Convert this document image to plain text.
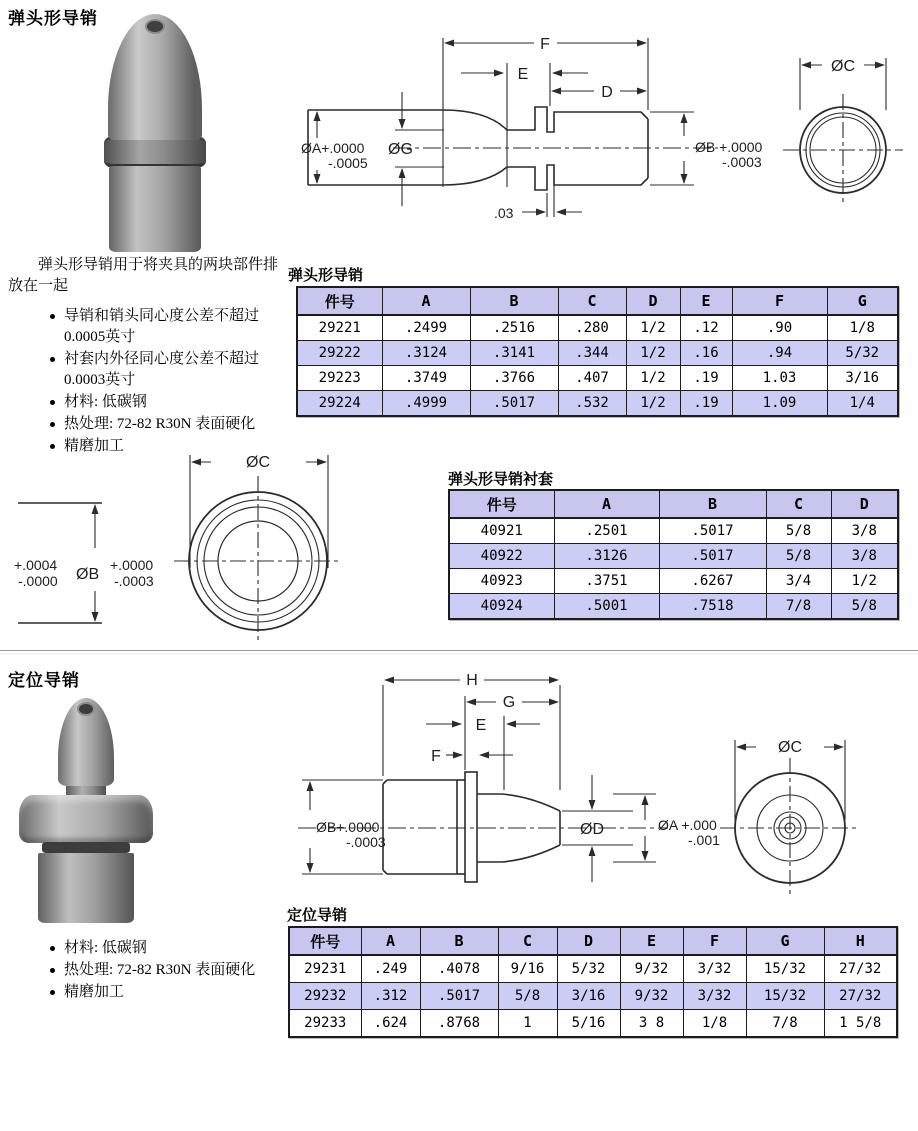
弹头形导销
F
E
D
ØA+.0000
-.0005
ØG	ØB +.0000
-.0003
.03
ØC
弹头形导销用于将夹具的两块部件排放在一起
导销和销头同心度公差不超过 0.0005英寸
衬套内外径同心度公差不超过 0.0003英寸
材料: 低碳钢
热处理: 72-82 R30N 表面硬化
精磨加工
弹头形导销
件号	A	B	C	D	E	F	G
29221	.2499	.2516	.280	1/2	.12	.90	1/8
29222	.3124	.3141	.344	1/2	.16	.94	5/32
29223	.3749	.3766	.407	1/2	.19	1.03	3/16
29224	.4999	.5017	.532	1/2	.19	1.09	1/4
+.0004
-.0000 ØB
+.0000
-.0003
ØC
弹头形导销衬套
件号	A	B	C	D
40921	.2501	.5017	5/8	3/8
40922	.3126	.5017	5/8	3/8
40923	.3751	.6267	3/4	1/2
40924	.5001	.7518	7/8	5/8
定位导销	H
G
E
F
ØB+.0000
-.0003
ØD	ØA +.000
-.001
ØC
材料: 低碳钢
热处理: 72-82 R30N 表面硬化
精磨加工
定位导销
件号	A	B	C	D	E	F	G	H
29231	.249	.4078	9/16	5/32	9/32	3/32	15/32	27/32
29232	.312	.5017	5/8	3/16	9/32	3/32	15/32	27/32
29233	.624	.8768	1	5/16	3 8	1/8	7/8	1 5/8
